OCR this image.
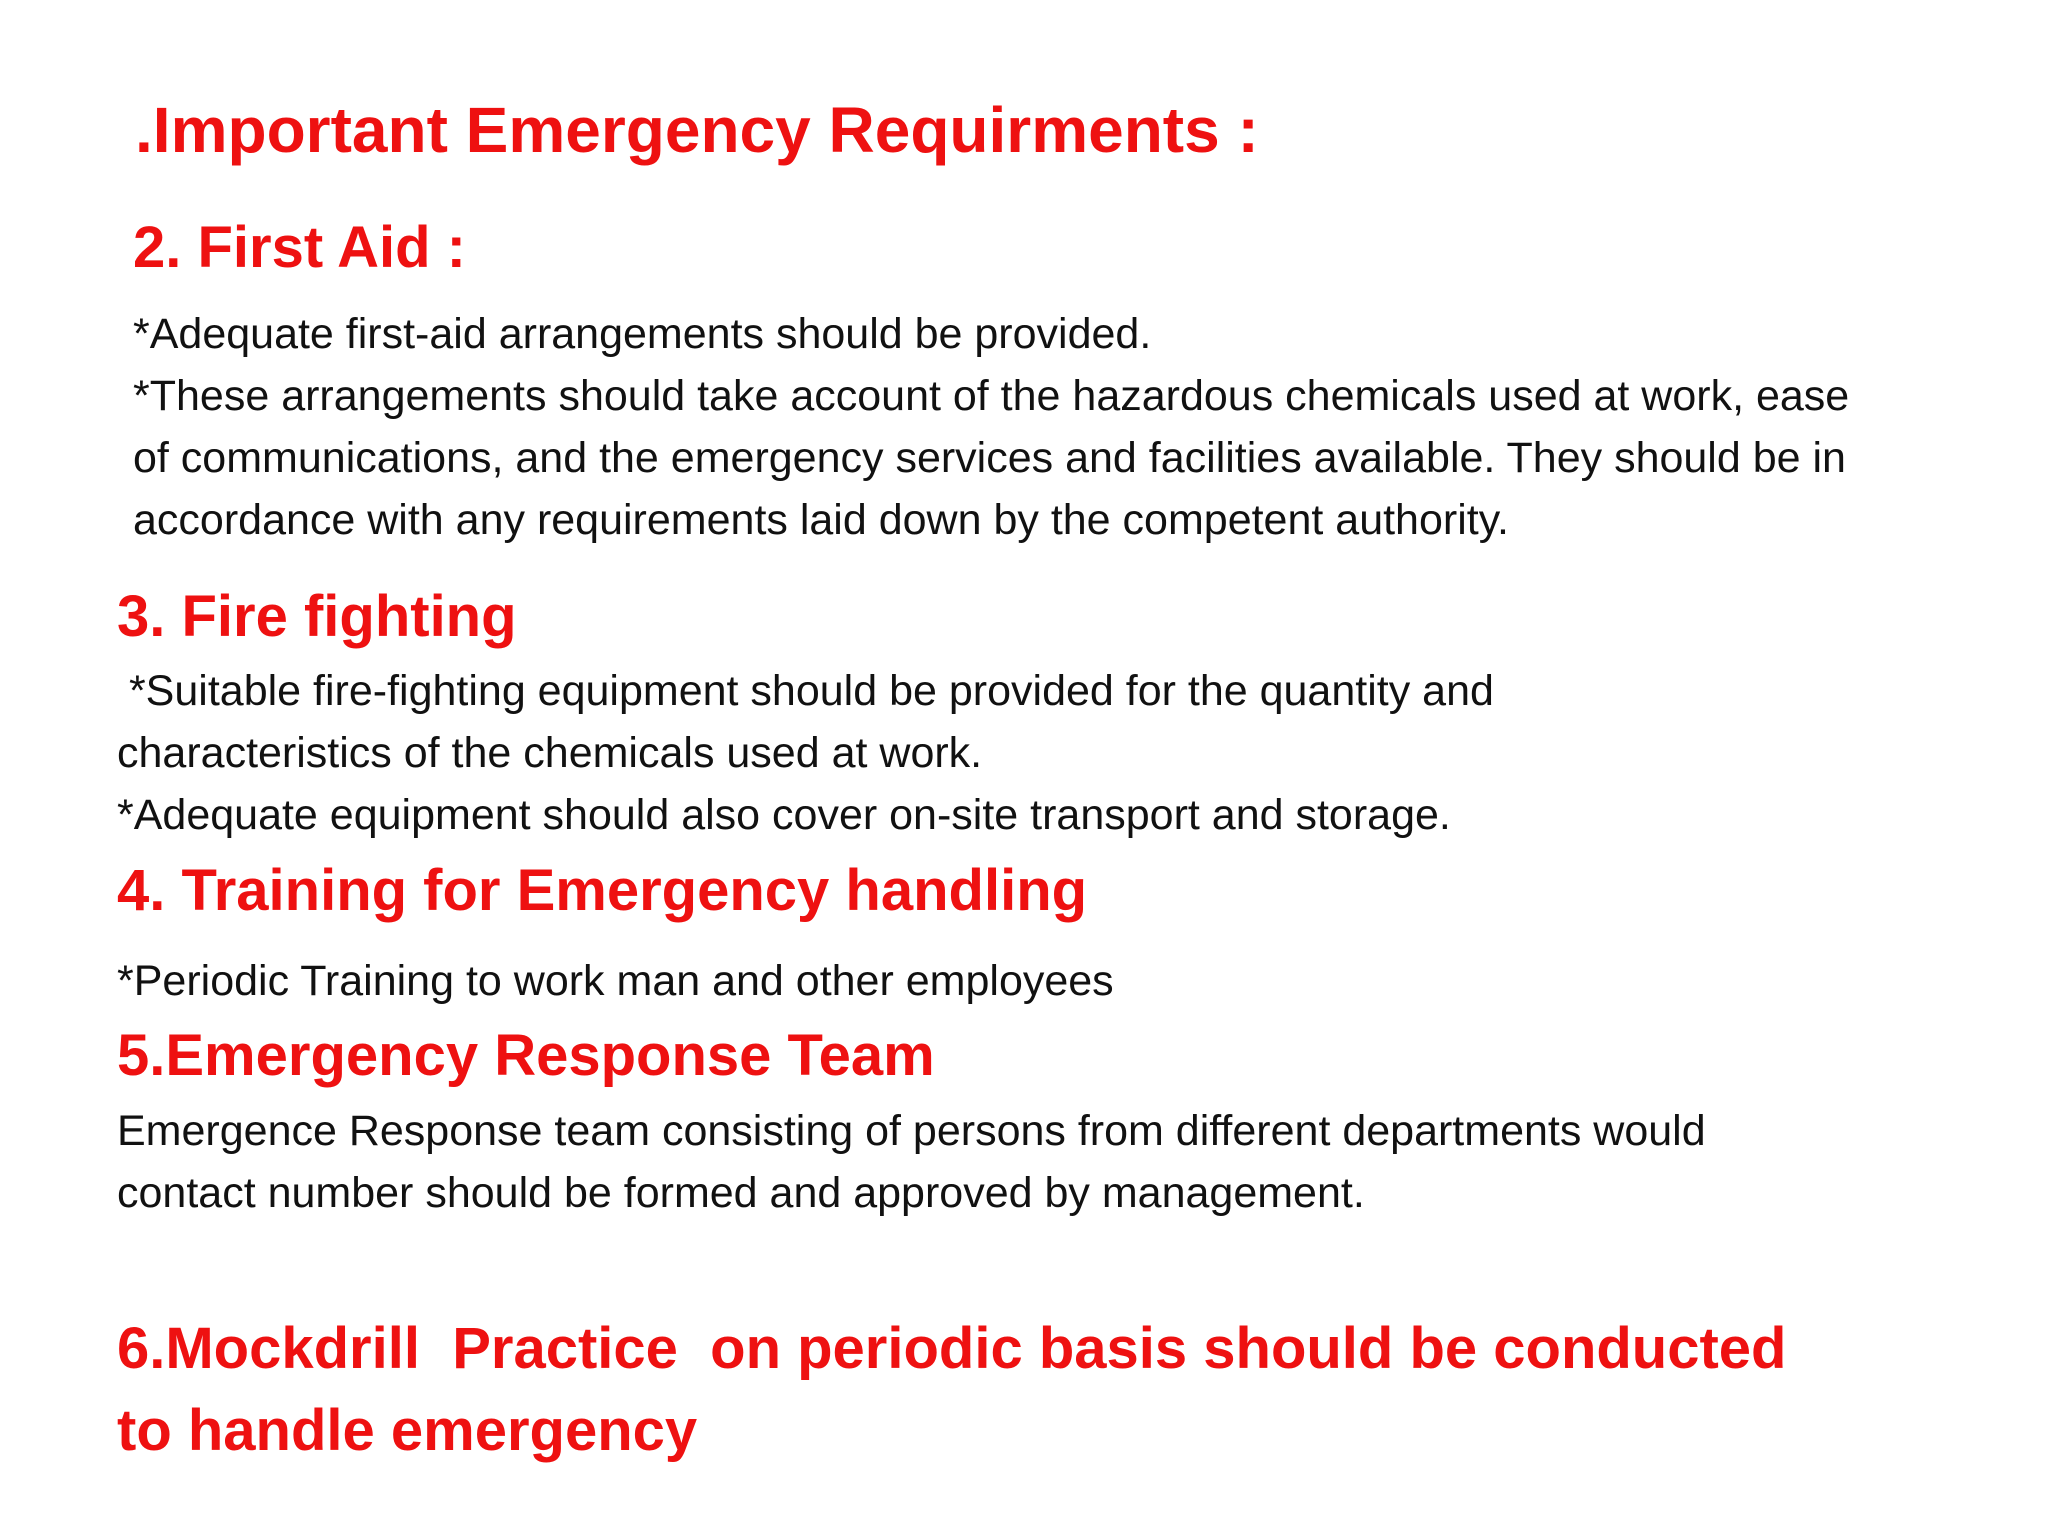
.Important Emergency Requirments :
2. First Aid :
*Adequate first-aid arrangements should be provided.
*These arrangements should take account of the hazardous chemicals used at work, ease
of communications, and the emergency services and facilities available. They should be in
accordance with any requirements laid down by the competent authority.
3. Fire fighting
*Suitable fire-fighting equipment should be provided for the quantity and
characteristics of the chemicals used at work.
*Adequate equipment should also cover on-site transport and storage.
4. Training for Emergency handling
*Periodic Training to work man and other employees
5.Emergency Response Team
Emergence Response team consisting of persons from different departments would
contact number should be formed and approved by management.
6.Mockdrill  Practice  on periodic basis should be conducted
to handle emergency
